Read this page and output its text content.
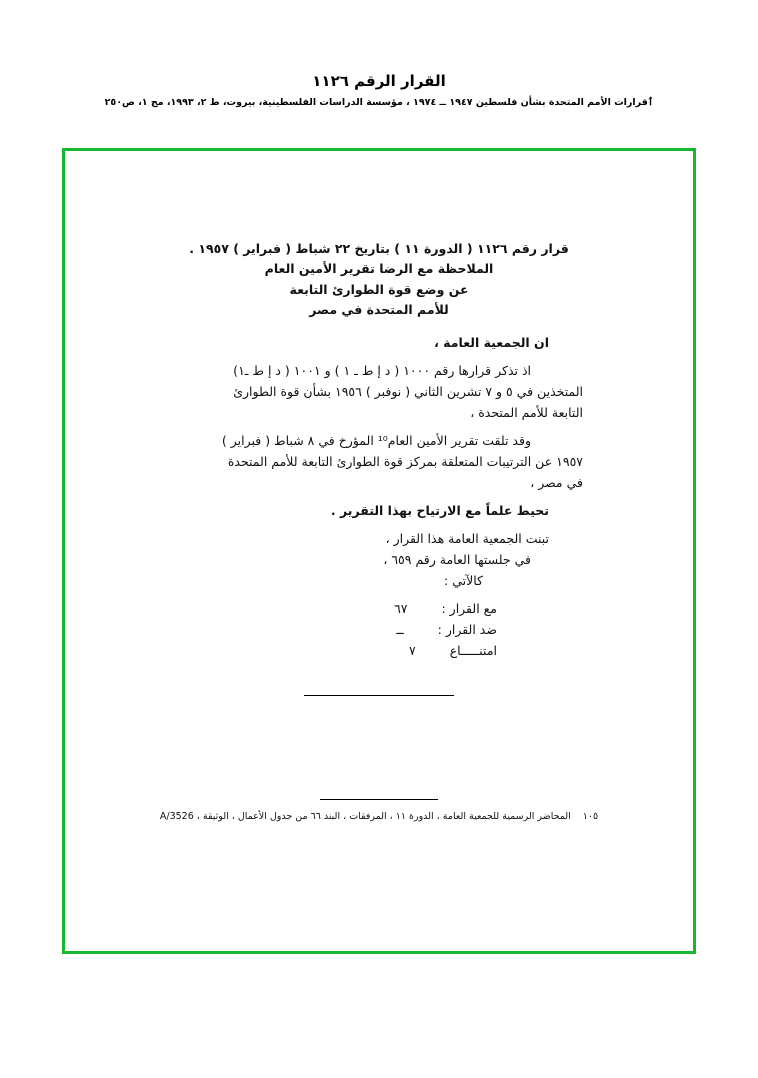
القرار الرقم ١١٢٦
ٲقرارات الأمم المتحدة بشأن فلسطين ١٩٤٧ ــ ١٩٧٤ ، مؤسسة الدراسات الفلسطينية، بيروت، ط ٢، ١٩٩٣، مج ١، ص٢٥٠
قرار رقم ١١٢٦ ( الدورة ١١ ) بتاريخ ٢٢ شباط ( فبراير ) ١٩٥٧ .
الملاحظة مع الرضا تقرير الأمين العام
عن وضع قوة الطوارئ التابعة
للأمم المتحدة في مصر
ان الجمعية العامة ،
اذ تذكر قرارها رقم ١٠٠٠ ( د إ ط ـ ١ ) و ١٠٠١ ( د إ ط ـ١)
المتخذين في ٥ و ٧ تشرين الثاني ( نوفبر ) ١٩٥٦ بشأن قوة الطوارئ
التابعة للأمم المتحدة ،
وقد تلقت تقرير الأمين العام¹⁰ المؤرخ في ٨ شباط ( فبراير )
١٩٥٧ عن الترتيبات المتعلقة بمركز قوة الطوارئ التابعة للأمم المتحدة
في مصر ،
تحيط علماً مع الارتياح بهذا التقرير .
تبنت الجمعية العامة هذا القرار ،
في جلستها العامة رقم ٦٥٩ ،
كالآتي :
مع القرار :  ٦٧
ضد القرار :  ــ
امتنـــــاع  ٧
١٠٥المحاضر الرسمية للجمعية العامة ، الدورة ١١ ، المرفقات ، البند ٦٦ من جدول الأعمال ، الوثيقة ، A/3526
